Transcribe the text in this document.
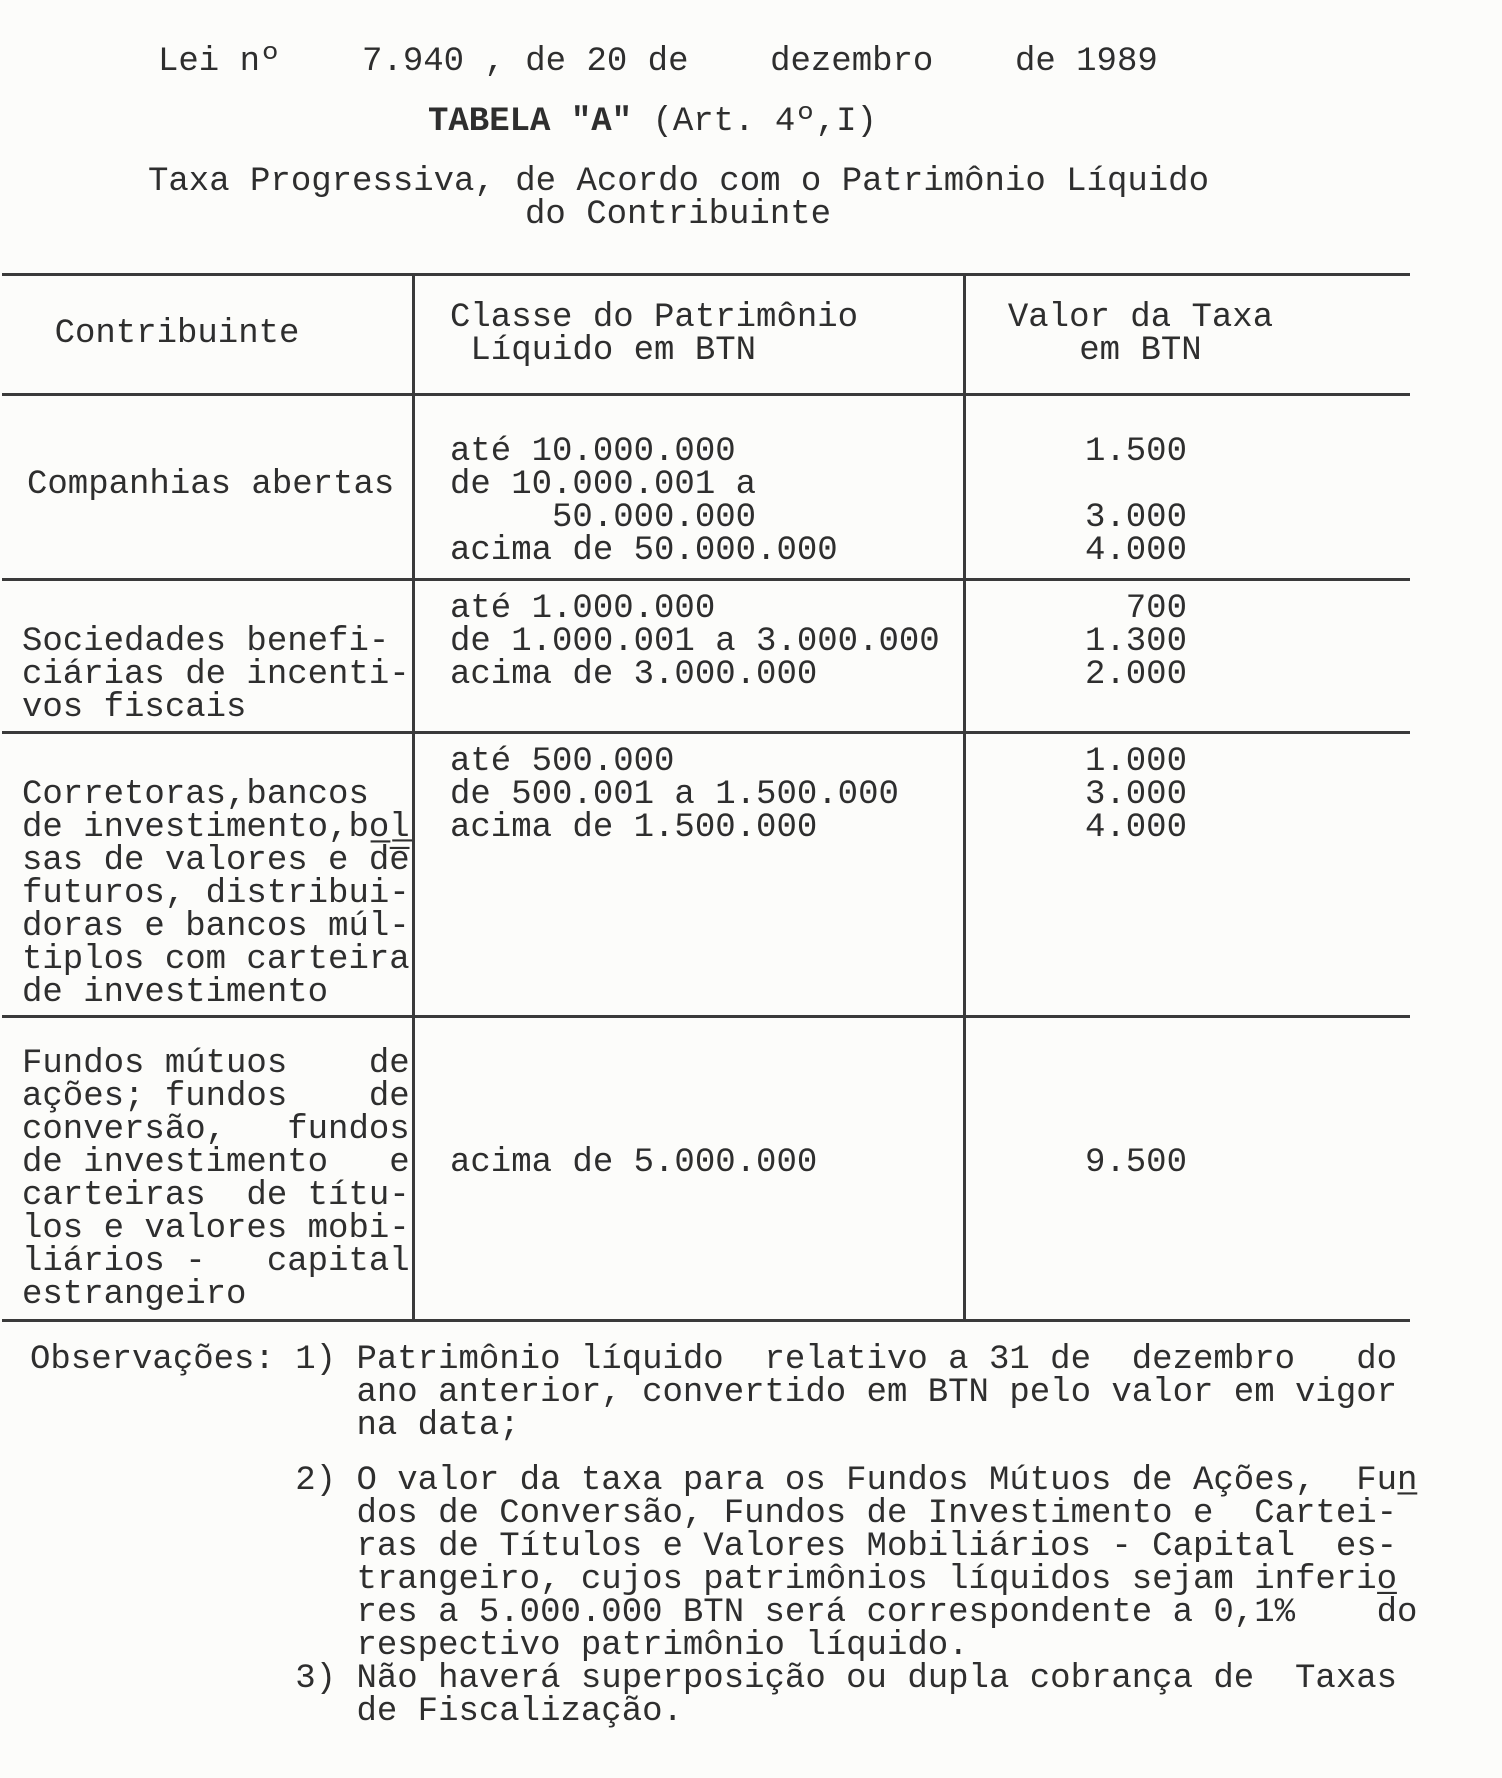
Lei nº    7.940 , de 20 de    dezembro    de 1989
TABELA "A" (Art. 4º,I)
Taxa Progressiva, de Acordo com o Patrimônio Líquido
do Contribuinte
Contribuinte	Classe do Patrimônio
Líquido em BTN
Valor da Taxa
em BTN
Companhias abertas
até 10.000.000
de 10.000.001 a
50.000.000
acima de 50.000.000
1.500
3.000
4.000
Sociedades benefi-
ciárias de incenti-
vos fiscais
até 1.000.000
de 1.000.001 a 3.000.000
acima de 3.000.000
700
1.300
2.000
Corretoras,bancos
de investimento,bol̲
sas de valores e d̅e̅
futuros, distribui-
doras e bancos múl-
tiplos com carteira
de investimento
até 500.000
de 500.001 a 1.500.000
acima de 1.500.000
1.000
3.000
4.000
Fundos mútuos    de
ações; fundos    de
conversão,   fundos
de investimento   e
carteiras  de títu-
los e valores mobi-
liários -   capital
estrangeiro
acima de 5.000.000	9.500
Observações: 1) Patrimônio líquido  relativo a 31 de  dezembro   do
ano anterior, convertido em BTN pelo valor em vigor
na data;
2) O valor da taxa para os Fundos Mútuos de Ações,  Fun̲
dos de Conversão, Fundos de Investimento e  Cartei-
ras de Títulos e Valores Mobiliários - Capital  es-
trangeiro, cujos patrimônios líquidos sejam inferio̲
res a 5.000.000 BTN será correspondente a 0,1%    do
respectivo patrimônio líquido.
3) Não haverá superposição ou dupla cobrança de  Taxas
de Fiscalização.
